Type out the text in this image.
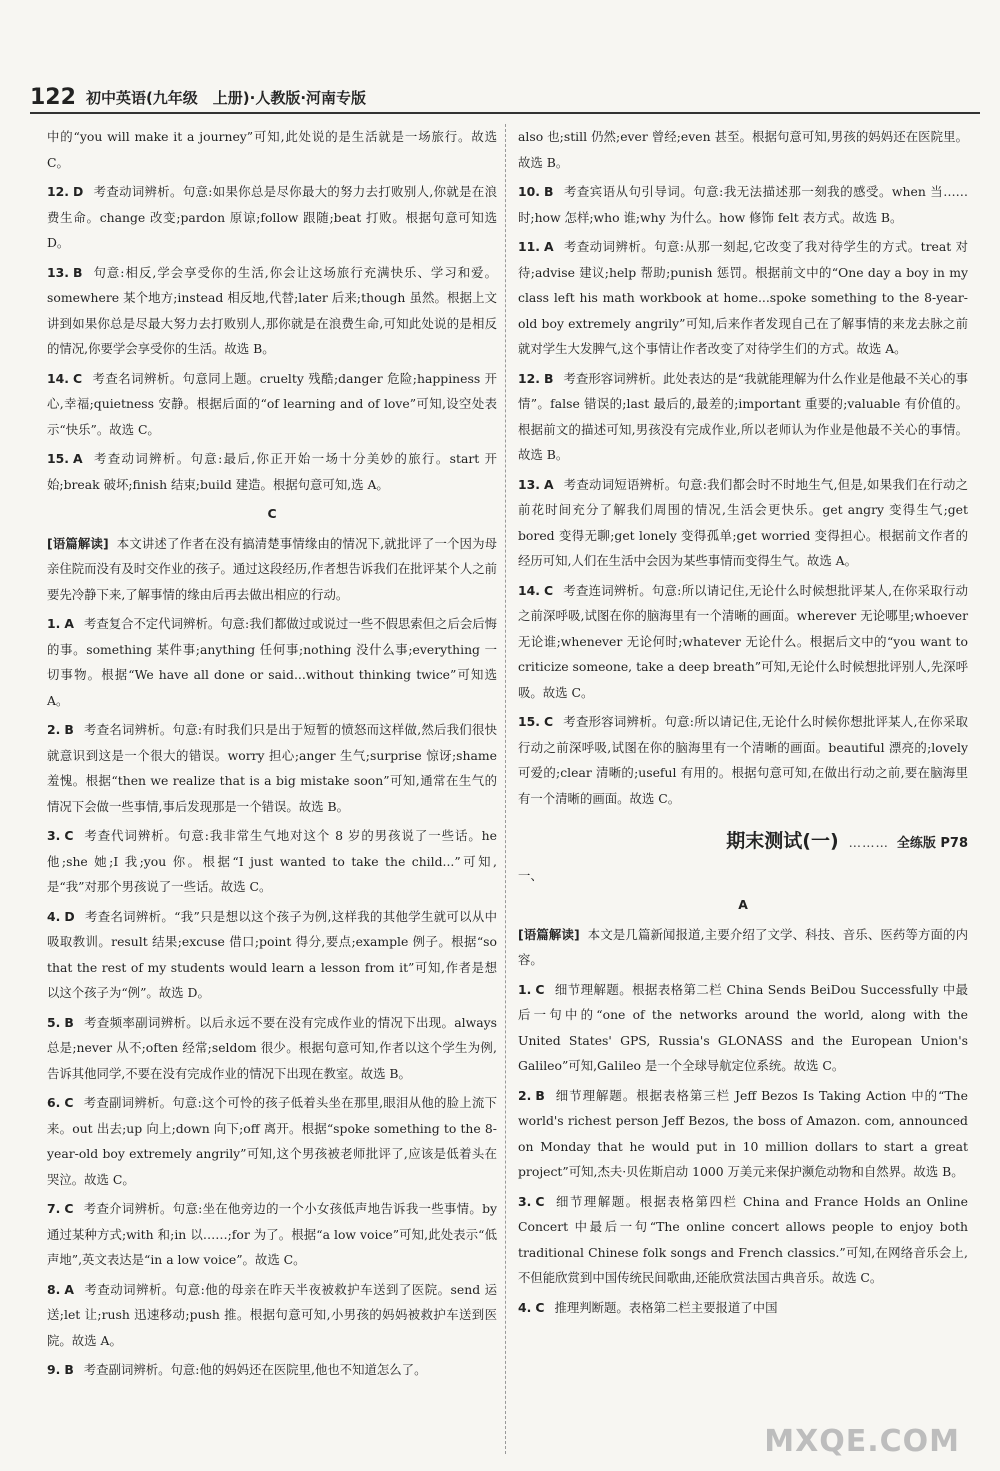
122 初中英语(九年级　上册)·人教版·河南专版

中的“you will make it a journey”可知,此处说的是生活就是一场旅行。故选 C。

12. D 考查动词辨析。句意:如果你总是尽你最大的努力去打败别人,你就是在浪费生命。change 改变;pardon 原谅;follow 跟随;beat 打败。根据句意可知选 D。

13. B 句意:相反,学会享受你的生活,你会让这场旅行充满快乐、学习和爱。somewhere 某个地方;instead 相反地,代替;later 后来;though 虽然。根据上文讲到如果你总是尽最大努力去打败别人,那你就是在浪费生命,可知此处说的是相反的情况,你要学会享受你的生活。故选 B。

14. C 考查名词辨析。句意同上题。cruelty 残酷;danger 危险;happiness 开心,幸福;quietness 安静。根据后面的“of learning and of love”可知,设空处表示“快乐”。故选 C。

15. A 考查动词辨析。句意:最后,你正开始一场十分美妙的旅行。start 开始;break 破坏;finish 结束;build 建造。根据句意可知,选 A。

C

[语篇解读] 本文讲述了作者在没有搞清楚事情缘由的情况下,就批评了一个因为母亲住院而没有及时交作业的孩子。通过这段经历,作者想告诉我们在批评某个人之前要先冷静下来,了解事情的缘由后再去做出相应的行动。

1. A 考查复合不定代词辨析。句意:我们都做过或说过一些不假思索但之后会后悔的事。something 某件事;anything 任何事;nothing 没什么事;everything 一切事物。根据“We have all done or said...without thinking twice”可知选 A。

2. B 考查名词辨析。句意:有时我们只是出于短暂的愤怒而这样做,然后我们很快就意识到这是一个很大的错误。worry 担心;anger 生气;surprise 惊讶;shame 羞愧。根据“then we realize that is a big mistake soon”可知,通常在生气的情况下会做一些事情,事后发现那是一个错误。故选 B。

3. C 考查代词辨析。句意:我非常生气地对这个 8 岁的男孩说了一些话。he 他;she 她;I 我;you 你。根据“I just wanted to take the child...”可知,是“我”对那个男孩说了一些话。故选 C。

4. D 考查名词辨析。“我”只是想以这个孩子为例,这样我的其他学生就可以从中吸取教训。result 结果;excuse 借口;point 得分,要点;example 例子。根据“so that the rest of my students would learn a lesson from it”可知,作者是想以这个孩子为“例”。故选 D。

5. B 考查频率副词辨析。以后永远不要在没有完成作业的情况下出现。always 总是;never 从不;often 经常;seldom 很少。根据句意可知,作者以这个学生为例,告诉其他同学,不要在没有完成作业的情况下出现在教室。故选 B。

6. C 考查副词辨析。句意:这个可怜的孩子低着头坐在那里,眼泪从他的脸上流下来。out 出去;up 向上;down 向下;off 离开。根据“spoke something to the 8-year-old boy extremely angrily”可知,这个男孩被老师批评了,应该是低着头在哭泣。故选 C。

7. C 考查介词辨析。句意:坐在他旁边的一个小女孩低声地告诉我一些事情。by 通过某种方式;with 和;in 以……;for 为了。根据“a low voice”可知,此处表示“低声地”,英文表达是“in a low voice”。故选 C。

8. A 考查动词辨析。句意:他的母亲在昨天半夜被救护车送到了医院。send 运送;let 让;rush 迅速移动;push 推。根据句意可知,小男孩的妈妈被救护车送到医院。故选 A。

9. B 考查副词辨析。句意:他的妈妈还在医院里,他也不知道怎么了。

also 也;still 仍然;ever 曾经;even 甚至。根据句意可知,男孩的妈妈还在医院里。故选 B。

10. B 考查宾语从句引导词。句意:我无法描述那一刻我的感受。when 当……时;how 怎样;who 谁;why 为什么。how 修饰 felt 表方式。故选 B。

11. A 考查动词辨析。句意:从那一刻起,它改变了我对待学生的方式。treat 对待;advise 建议;help 帮助;punish 惩罚。根据前文中的“One day a boy in my class left his math workbook at home...spoke something to the 8-year-old boy extremely angrily”可知,后来作者发现自己在了解事情的来龙去脉之前就对学生大发脾气,这个事情让作者改变了对待学生们的方式。故选 A。

12. B 考查形容词辨析。此处表达的是“我就能理解为什么作业是他最不关心的事情”。false 错误的;last 最后的,最差的;important 重要的;valuable 有价值的。根据前文的描述可知,男孩没有完成作业,所以老师认为作业是他最不关心的事情。故选 B。

13. A 考查动词短语辨析。句意:我们都会时不时地生气,但是,如果我们在行动之前花时间充分了解我们周围的情况,生活会更快乐。get angry 变得生气;get bored 变得无聊;get lonely 变得孤单;get worried 变得担心。根据前文作者的经历可知,人们在生活中会因为某些事情而变得生气。故选 A。

14. C 考查连词辨析。句意:所以请记住,无论什么时候想批评某人,在你采取行动之前深呼吸,试图在你的脑海里有一个清晰的画面。wherever 无论哪里;whoever 无论谁;whenever 无论何时;whatever 无论什么。根据后文中的“you want to criticize someone, take a deep breath”可知,无论什么时候想批评别人,先深呼吸。故选 C。

15. C 考查形容词辨析。句意:所以请记住,无论什么时候你想批评某人,在你采取行动之前深呼吸,试图在你的脑海里有一个清晰的画面。beautiful 漂亮的;lovely 可爱的;clear 清晰的;useful 有用的。根据句意可知,在做出行动之前,要在脑海里有一个清晰的画面。故选 C。

期末测试(一) ……… 全练版 P78

一、

A

[语篇解读] 本文是几篇新闻报道,主要介绍了文学、科技、音乐、医药等方面的内容。

1. C 细节理解题。根据表格第二栏 China Sends BeiDou Successfully 中最后一句中的“one of the networks around the world, along with the United States' GPS, Russia's GLONASS and the European Union's Galileo”可知,Galileo 是一个全球导航定位系统。故选 C。

2. B 细节理解题。根据表格第三栏 Jeff Bezos Is Taking Action 中的“The world's richest person Jeff Bezos, the boss of Amazon. com, announced on Monday that he would put in 10 million dollars to start a great project”可知,杰夫·贝佐斯启动 1000 万美元来保护濒危动物和自然界。故选 B。

3. C 细节理解题。根据表格第四栏 China and France Holds an Online Concert 中最后一句“The online concert allows people to enjoy both traditional Chinese folk songs and French classics.”可知,在网络音乐会上,不但能欣赏到中国传统民间歌曲,还能欣赏法国古典音乐。故选 C。

4. C 推理判断题。表格第二栏主要报道了中国

MXQE.COM
